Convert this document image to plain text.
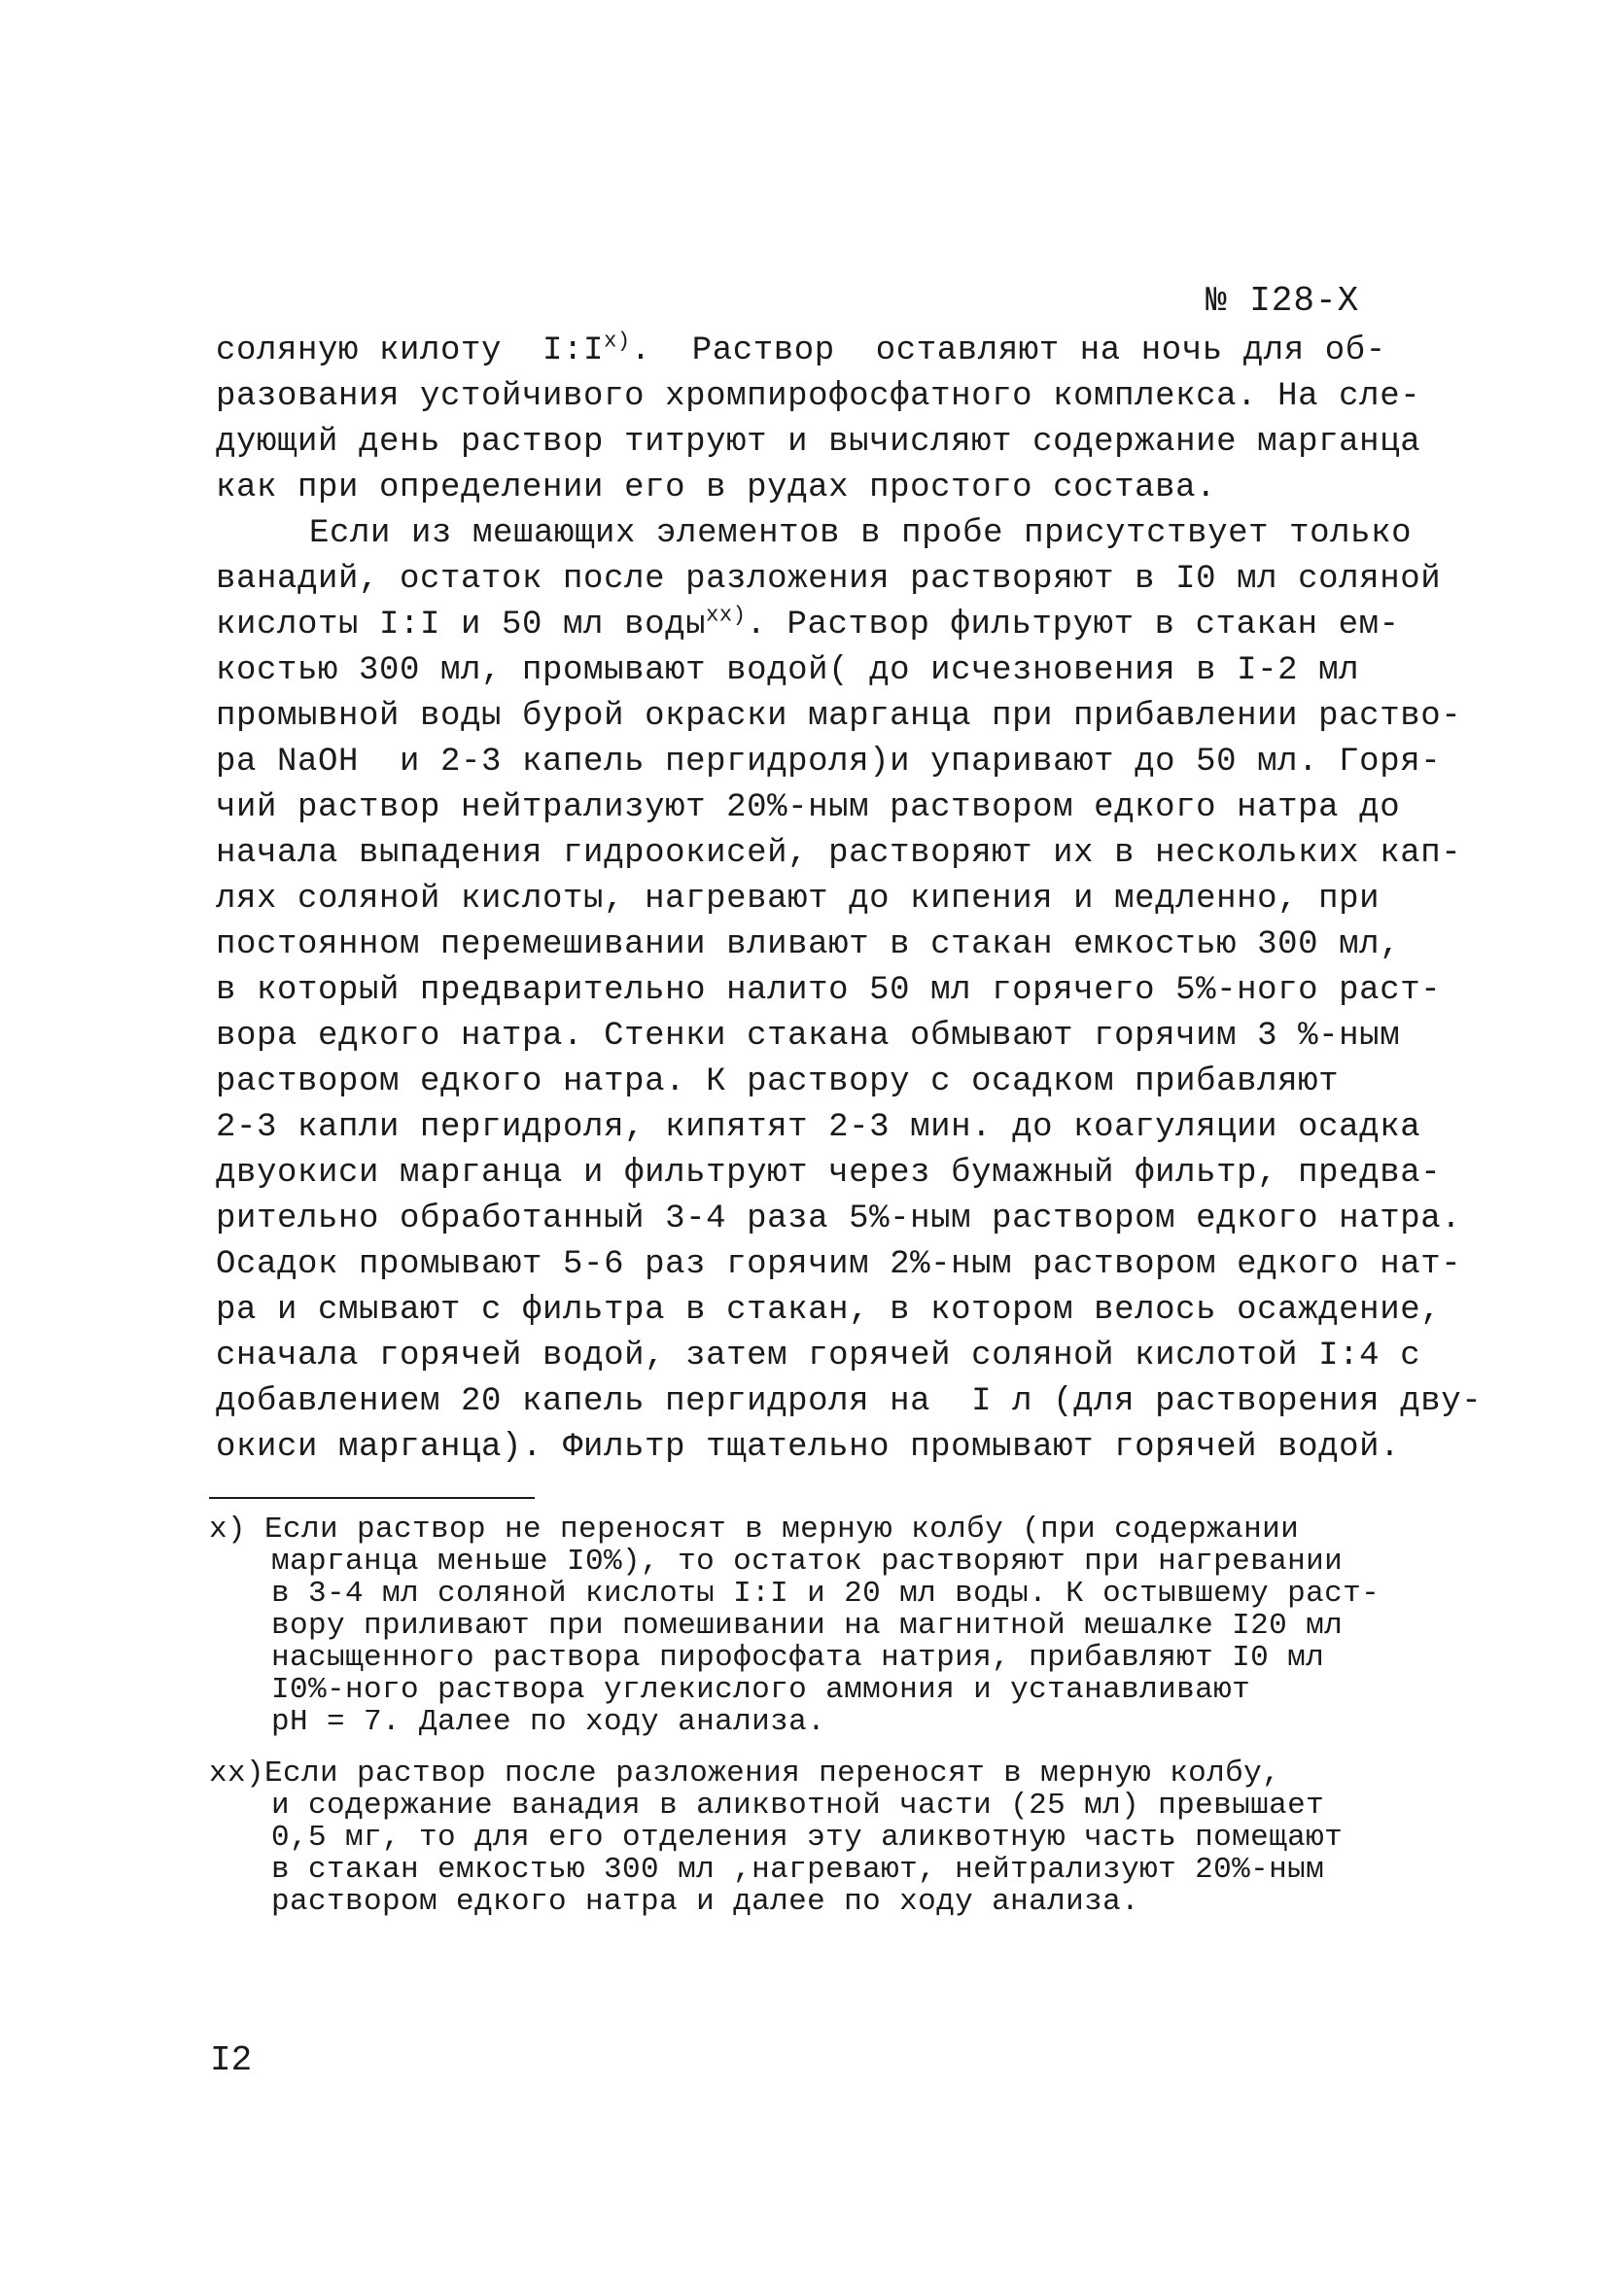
№ I28-X
соляную килоту  $I:I^{x)}$.  Раствор  оставляют на ночь для об-
разования устойчивого хромпирофосфатного комплекса. На сле-
дующий день раствор титруют и вычисляют содержание марганца
как при определении его в рудах простого состава.
Если из мешающих элементов в пробе присутствует только
ванадий, остаток после разложения растворяют в I0 мл соляной
кислоты I:I и 50 мл воды$^{xx)}$. Раствор фильтруют в стакан ем-
костью 300 мл, промывают водой( до исчезновения в I-2 мл
промывной воды бурой окраски марганца при прибавлении раство-
ра NaOH  и 2-3 капель пергидроля)и упаривают до 50 мл. Горя-
чий раствор нейтрализуют 20%-ным раствором едкого натра до
начала выпадения гидроокисей, растворяют их в нескольких кап-
лях соляной кислоты, нагревают до кипения и медленно, при
постоянном перемешивании вливают в стакан емкостью 300 мл,
в который предварительно налито 50 мл горячего 5%-ного раст-
вора едкого натра. Стенки стакана обмывают горячим 3 %-ным
раствором едкого натра. К раствору с осадком прибавляют
2-3 капли пергидроля, кипятят 2-3 мин. до коагуляции осадка
двуокиси марганца и фильтруют через бумажный фильтр, предва-
рительно обработанный 3-4 раза 5%-ным раствором едкого натра.
Осадок промывают 5-6 раз горячим 2%-ным раствором едкого нат-
ра и смывают с фильтра в стакан, в котором велось осаждение,
сначала горячей водой, затем горячей соляной кислотой I:4 с
добавлением 20 капель пергидроля на  I л (для растворения дву-
окиси марганца). Фильтр тщательно промывают горячей водой.
x) Если раствор не переносят в мерную колбу (при содержании
марганца меньше I0%), то остаток растворяют при нагревании
в 3-4 мл соляной кислоты I:I и 20 мл воды. К остывшему раст-
вору приливают при помешивании на магнитной мешалке I20 мл
насыщенного раствора пирофосфата натрия, прибавляют I0 мл
I0%-ного раствора углекислого аммония и устанавливают
pH = 7. Далее по ходу анализа.
xx)Если раствор после разложения переносят в мерную колбу,
и содержание ванадия в аликвотной части (25 мл) превышает
0,5 мг, то для его отделения эту аликвотную часть помещают
в стакан емкостью 300 мл ,нагревают, нейтрализуют 20%-ным
раствором едкого натра и далее по ходу анализа.
I2
